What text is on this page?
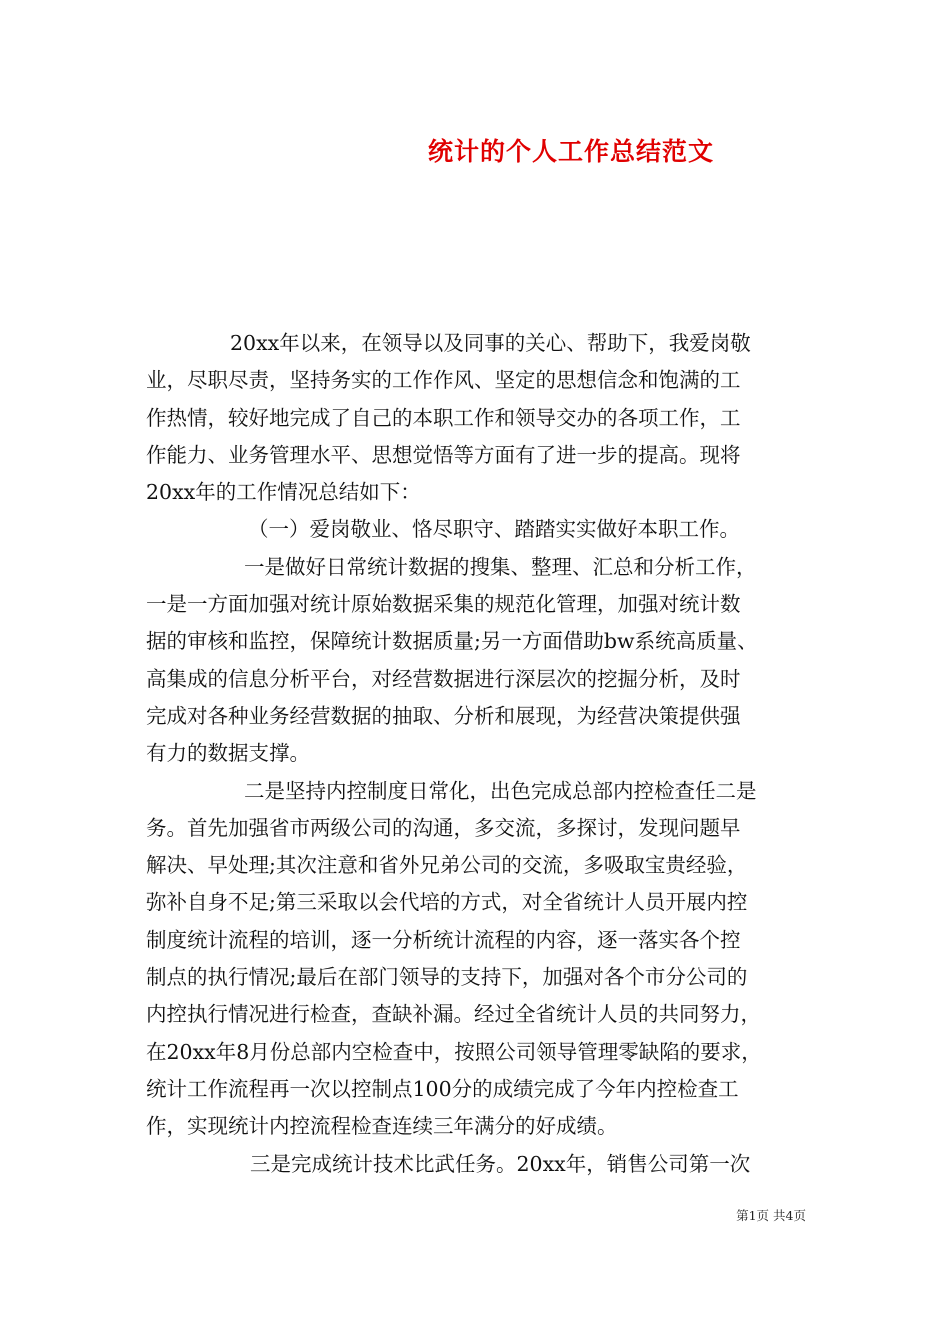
统计的个人工作总结范文
20xx年以来，在领导以及同事的关心、帮助下，我爱岗敬
业，尽职尽责，坚持务实的工作作风、坚定的思想信念和饱满的工
作热情，较好地完成了自己的本职工作和领导交办的各项工作，工
作能力、业务管理水平、思想觉悟等方面有了进一步的提高。现将
20xx年的工作情况总结如下：
（一）爱岗敬业、恪尽职守、踏踏实实做好本职工作。
一是做好日常统计数据的搜集、整理、汇总和分析工作，
一是一方面加强对统计原始数据采集的规范化管理，加强对统计数
据的审核和监控，保障统计数据质量;另一方面借助bw系统高质量、
高集成的信息分析平台，对经营数据进行深层次的挖掘分析，及时
完成对各种业务经营数据的抽取、分析和展现，为经营决策提供强
有力的数据支撑。
二是坚持内控制度日常化，出色完成总部内控检查任二是
务。首先加强省市两级公司的沟通，多交流，多探讨，发现问题早
解决、早处理;其次注意和省外兄弟公司的交流，多吸取宝贵经验，
弥补自身不足;第三采取以会代培的方式，对全省统计人员开展内控
制度统计流程的培训，逐一分析统计流程的内容，逐一落实各个控
制点的执行情况;最后在部门领导的支持下，加强对各个市分公司的
内控执行情况进行检查，查缺补漏。经过全省统计人员的共同努力，
在20xx年8月份总部内空检查中，按照公司领导管理零缺陷的要求，
统计工作流程再一次以控制点100分的成绩完成了今年内控检查工
作，实现统计内控流程检查连续三年满分的好成绩。
三是完成统计技术比武任务。20xx年，销售公司第一次
第1页 共4页
